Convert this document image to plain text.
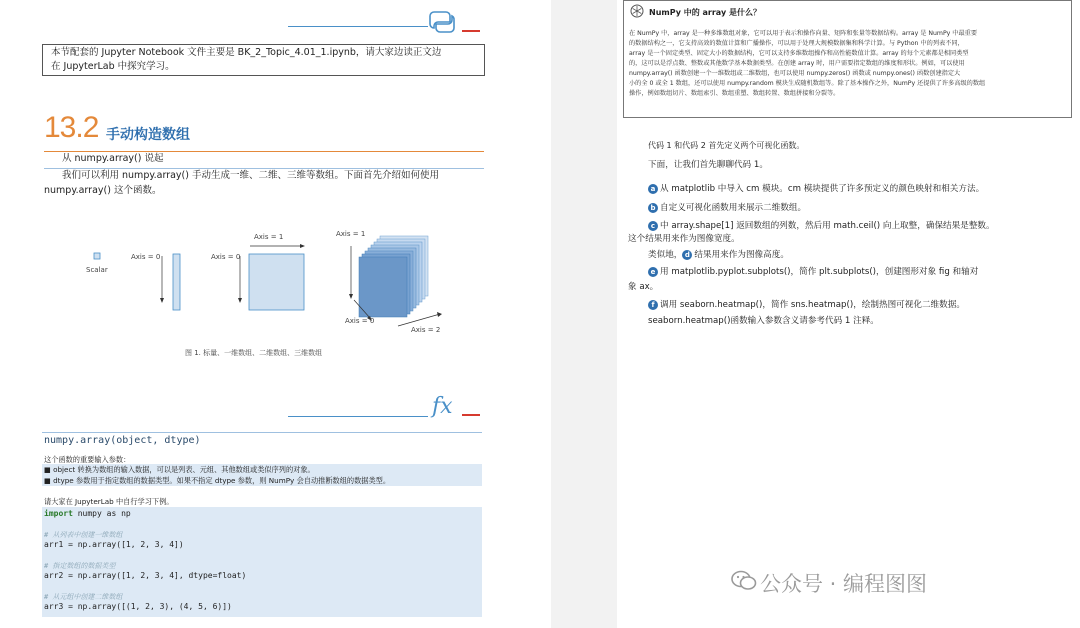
本节配套的 Jupyter Notebook 文件主要是 BK_2_Topic_4.01_1.ipynb，请大家边读正文边
在 JupyterLab 中探究学习。
13.2 手动构造数组
从 numpy.array() 说起
我们可以利用 numpy.array() 手动生成一维、二维、三维等数组。下面首先介绍如何使用
numpy.array() 这个函数。
Scalar
Axis = 0	Axis = 0
Axis = 1	Axis = 1
Axis = 0
Axis = 2
图 1. 标量、一维数组、二维数组、三维数组
fx
numpy.array(object, dtype)
这个函数的重要输入参数：
■ object 转换为数组的输入数据，可以是列表、元组、其他数组或类似序列的对象。
■ dtype 参数用于指定数组的数据类型。如果不指定 dtype 参数，则 NumPy 会自动推断数组的数据类型。
请大家在 JupyterLab 中自行学习下例。
import numpy as np
# 从列表中创建一维数组
arr1 = np.array([1, 2, 3, 4])
# 指定数组的数据类型
arr2 = np.array([1, 2, 3, 4], dtype=float)
# 从元组中创建二维数组
arr3 = np.array([(1, 2, 3), (4, 5, 6)])
NumPy 中的 array 是什么？
在 NumPy 中，array 是一种多维数组对象，它可以用于表示和操作向量、矩阵和张量等数据结构。array 是 NumPy 中最重要
的数据结构之一，它支持高效的数值计算和广播操作，可以用于处理大规模数据集和科学计算。与 Python 中的列表不同，
array 是一个固定类型、固定大小的数据结构，它可以支持多维数组操作和高性能数值计算。array 的每个元素都是相同类型
的，这可以是浮点数、整数或其他数学基本数据类型。在创建 array 时，用户需要指定数组的维度和形状。例如，可以使用
numpy.array() 函数创建一个一维数组或二维数组，也可以使用 numpy.zeros() 函数或 numpy.ones() 函数创建指定大
小的全 0 或全 1 数组，还可以使用 numpy.random 模块生成随机数组等。除了基本操作之外，NumPy 还提供了许多高级的数组
操作，例如数组切片、数组索引、数组重塑、数组转置、数组拼接和分裂等。
代码 1 和代码 2 首先定义两个可视化函数。
下面，让我们首先聊聊代码 1。
a 从 matplotlib 中导入 cm 模块。cm 模块提供了许多预定义的颜色映射和相关方法。
b 自定义可视化函数用来展示二维数组。
c 中 array.shape[1] 返回数组的列数，然后用 math.ceil() 向上取整，确保结果是整数。
这个结果用来作为图像宽度。
类似地， d 结果用来作为图像高度。
e 用 matplotlib.pyplot.subplots()，简作 plt.subplots()，创建图形对象 fig 和轴对
象 ax。
f 调用 seaborn.heatmap()，简作 sns.heatmap()，绘制热图可视化二维数据。
seaborn.heatmap()函数输入参数含义请参考代码 1 注释。
公众号 · 编程图图
